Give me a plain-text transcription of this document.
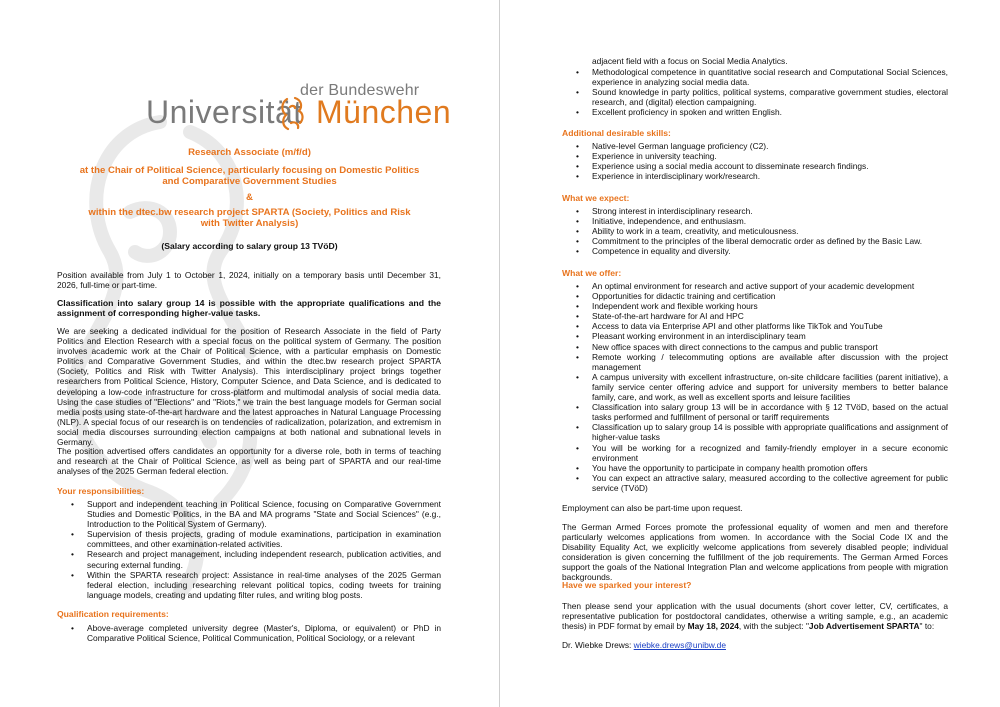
der Bundeswehr
Universität München
Research Associate (m/f/d)
at the Chair of Political Science, particularly focusing on Domestic Politics
and Comparative Government Studies
&
within the dtec.bw research project SPARTA (Society, Politics and Risk
with Twitter Analysis)
(Salary according to salary group 13 TVöD)
Position available from July 1 to October 1, 2024, initially on a temporary basis until December 31, 2026, full-time or part-time.
Classification into salary group 14 is possible with the appropriate qualifications and the assignment of corresponding higher-value tasks.
We are seeking a dedicated individual for the position of Research Associate in the field of Party Politics and Election Research with a special focus on the political system of Germany. The position involves academic work at the Chair of Political Science, with a particular emphasis on Domestic Politics and Comparative Government Studies, and within the dtec.bw research project SPARTA (Society, Politics and Risk with Twitter Analysis). This interdisciplinary project brings together researchers from Political Science, History, Computer Science, and Data Science, and is dedicated to developing a low-code infrastructure for cross-platform and multimodal analysis of social media data. Using the case studies of "Elections" and "Riots," we train the best language models for German social media posts using state-of-the-art hardware and the latest approaches in Natural Language Processing (NLP). A special focus of our research is on tendencies of radicalization, polarization, and extremism in social media discourses surrounding election campaigns at both national and subnational levels in Germany.
The position advertised offers candidates an opportunity for a diverse role, both in terms of teaching and research at the Chair of Political Science, as well as being part of SPARTA and our real-time analyses of the 2025 German federal election.
Your responsibilities:
• Support and independent teaching in Political Science, focusing on Comparative Government Studies and Domestic Politics, in the BA and MA programs "State and Social Sciences" (e.g., Introduction to the Political System of Germany).
• Supervision of thesis projects, grading of module examinations, participation in examination committees, and other examination-related activities.
• Research and project management, including independent research, publication activities, and securing external funding.
• Within the SPARTA research project: Assistance in real-time analyses of the 2025 German federal election, including researching relevant political topics, coding tweets for training language models, creating and updating filter rules, and writing blog posts.
Qualification requirements:
• Above-average completed university degree (Master's, Diploma, or equivalent) or PhD in Comparative Political Science, Political Communication, Political Sociology, or a relevant
adjacent field with a focus on Social Media Analytics.
• Methodological competence in quantitative social research and Computational Social Sciences, experience in analyzing social media data.
• Sound knowledge in party politics, political systems, comparative government studies, electoral research, and (digital) election campaigning.
• Excellent proficiency in spoken and written English.
Additional desirable skills:
• Native-level German language proficiency (C2).
• Experience in university teaching.
• Experience using a social media account to disseminate research findings.
• Experience in interdisciplinary work/research.
What we expect:
• Strong interest in interdisciplinary research.
• Initiative, independence, and enthusiasm.
• Ability to work in a team, creativity, and meticulousness.
• Commitment to the principles of the liberal democratic order as defined by the Basic Law.
• Competence in equality and diversity.
What we offer:
• An optimal environment for research and active support of your academic development
• Opportunities for didactic training and certification
• Independent work and flexible working hours
• State-of-the-art hardware for AI and HPC
• Access to data via Enterprise API and other platforms like TikTok and YouTube
• Pleasant working environment in an interdisciplinary team
• New office spaces with direct connections to the campus and public transport
• Remote working / telecommuting options are available after discussion with the project management
• A campus university with excellent infrastructure, on-site childcare facilities (parent initiative), a family service center offering advice and support for university members to better balance family, care, and work, as well as excellent sports and leisure facilities
• Classification into salary group 13 will be in accordance with § 12 TVöD, based on the actual tasks performed and fulfillment of personal or tariff requirements
• Classification up to salary group 14 is possible with appropriate qualifications and assignment of higher-value tasks
• You will be working for a recognized and family-friendly employer in a secure economic environment
• You have the opportunity to participate in company health promotion offers
• You can expect an attractive salary, measured according to the collective agreement for public service (TVöD)
Employment can also be part-time upon request.
The German Armed Forces promote the professional equality of women and men and therefore particularly welcomes applications from women. In accordance with the Social Code IX and the Disability Equality Act, we explicitly welcome applications from severely disabled people; individual consideration is given concerning the fulfillment of the job requirements. The German Armed Forces support the goals of the National Integration Plan and welcome applications from people with migration backgrounds.
Have we sparked your interest?
Then please send your application with the usual documents (short cover letter, CV, certificates, a representative publication for postdoctoral candidates, otherwise a writing sample, e.g., an academic thesis) in PDF format by email by May 18, 2024, with the subject: "Job Advertisement SPARTA" to:
Dr. Wiebke Drews: wiebke.drews@unibw.de
